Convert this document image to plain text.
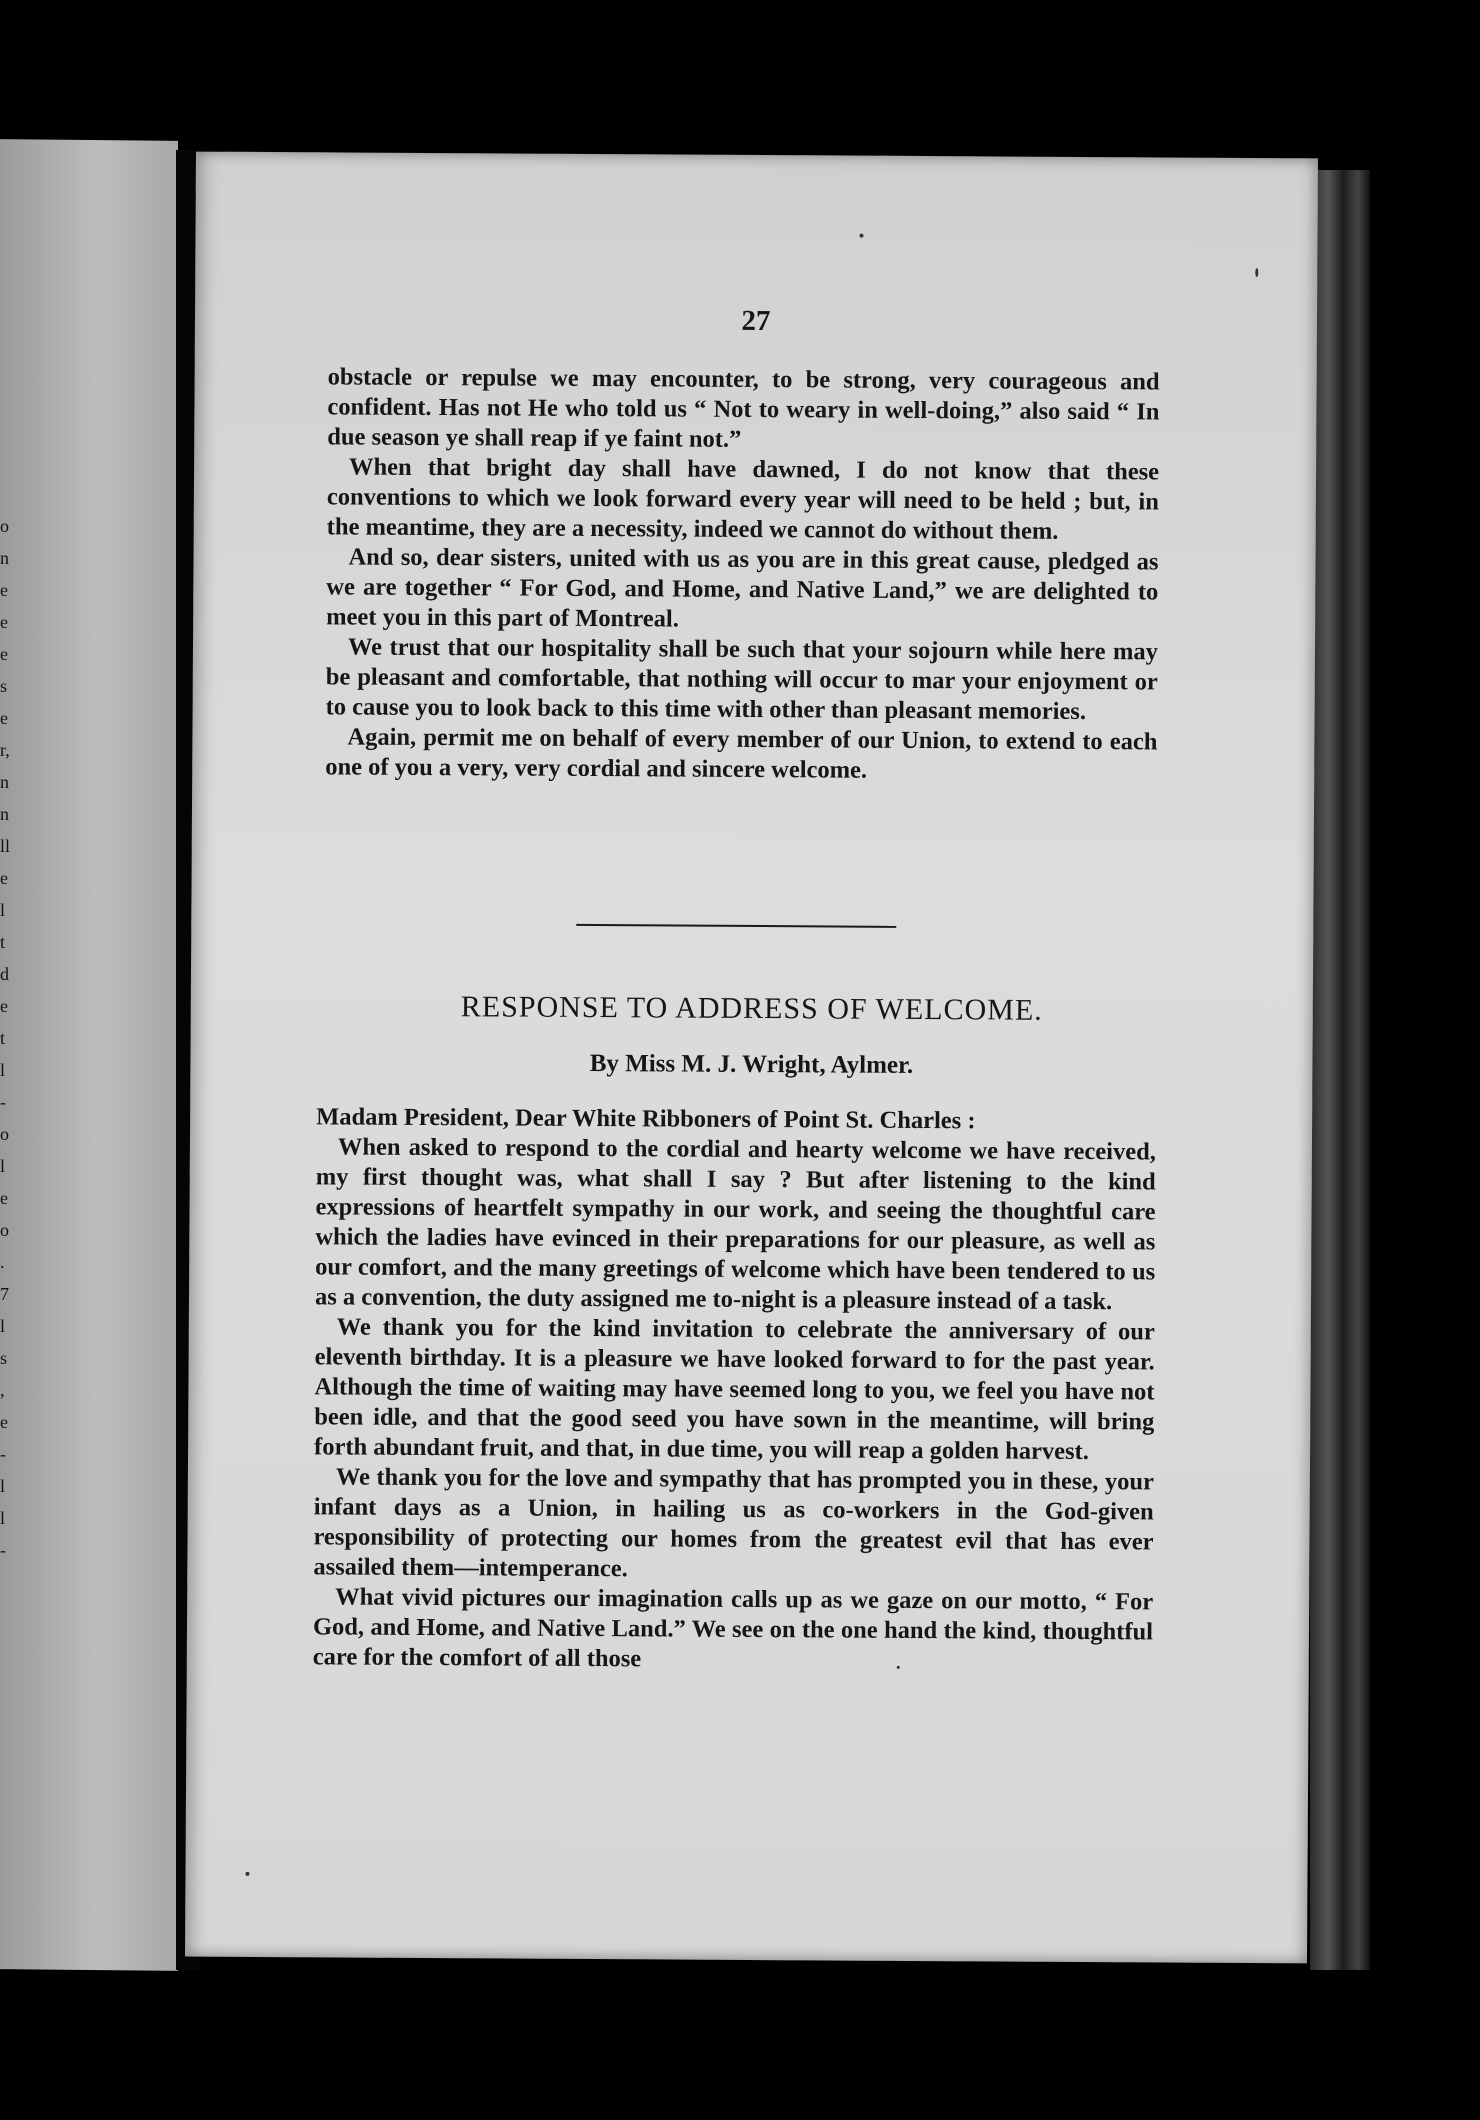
o
n
e
e
e
s
e
r,
n
n
ll
e
l
t
d
e
t
l
-
o
l
e
o
.
7
l
s
,
e
-
l
l
-
27

obstacle or repulse we may encounter, to be strong, very courageous and confident. Has not He who told us “ Not to weary in well-doing,” also said “ In due season ye shall reap if ye faint not.”

When that bright day shall have dawned, I do not know that these conventions to which we look forward every year will need to be held ; but, in the meantime, they are a necessity, indeed we cannot do without them.

And so, dear sisters, united with us as you are in this great cause, pledged as we are together “ For God, and Home, and Native Land,” we are delighted to meet you in this part of Montreal.

We trust that our hospitality shall be such that your sojourn while here may be pleasant and comfortable, that nothing will occur to mar your enjoyment or to cause you to look back to this time with other than pleasant memories.

Again, permit me on behalf of every member of our Union, to extend to each one of you a very, very cordial and sincere welcome.

RESPONSE TO ADDRESS OF WELCOME.
By Miss M. J. Wright, Aylmer.

Madam President, Dear White Ribboners of Point St. Charles :

When asked to respond to the cordial and hearty welcome we have received, my first thought was, what shall I say ? But after listening to the kind expressions of heartfelt sympathy in our work, and seeing the thoughtful care which the ladies have evinced in their preparations for our pleasure, as well as our comfort, and the many greetings of welcome which have been tendered to us as a convention, the duty assigned me to-night is a pleasure instead of a task.

We thank you for the kind invitation to celebrate the anniversary of our eleventh birthday. It is a pleasure we have looked forward to for the past year. Although the time of waiting may have seemed long to you, we feel you have not been idle, and that the good seed you have sown in the meantime, will bring forth abundant fruit, and that, in due time, you will reap a golden harvest.

We thank you for the love and sympathy that has prompted you in these, your infant days as a Union, in hailing us as co-workers in the God-given responsibility of protecting our homes from the greatest evil that has ever assailed them—intemperance.

What vivid pictures our imagination calls up as we gaze on our motto, “ For God, and Home, and Native Land.” We see on the one hand the kind, thoughtful care for the comfort of all those
